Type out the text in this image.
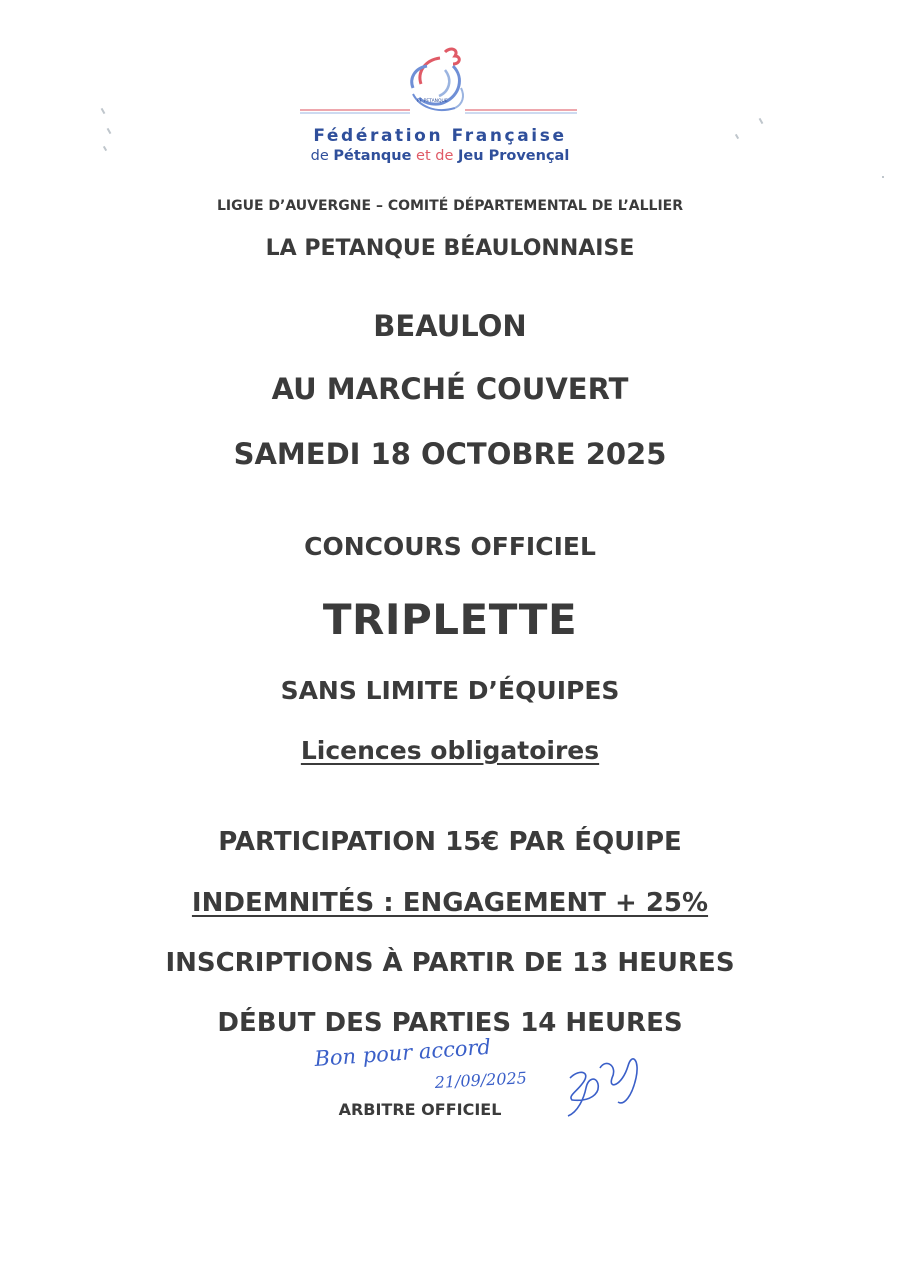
FF PETANQUE
Fédération Française
de Pétanque et de Jeu Provençal
LIGUE D’AUVERGNE – COMITÉ DÉPARTEMENTAL DE L’ALLIER
LA PETANQUE BÉAULONNAISE
BEAULON
AU MARCHÉ COUVERT
SAMEDI 18 OCTOBRE 2025
CONCOURS OFFICIEL
TRIPLETTE
SANS LIMITE D’ÉQUIPES
Licences obligatoires
PARTICIPATION 15€ PAR ÉQUIPE
INDEMNITÉS : ENGAGEMENT + 25%
INSCRIPTIONS À PARTIR DE 13 HEURES
DÉBUT DES PARTIES 14 HEURES
Bon pour accord
21/09/2025
ARBITRE OFFICIEL
